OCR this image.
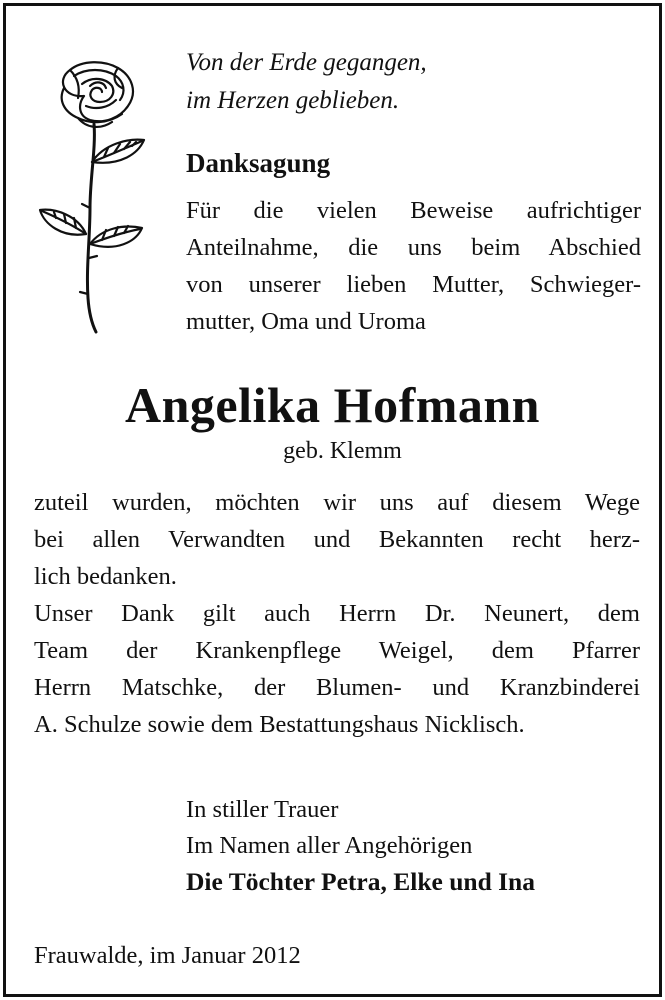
Von der Erde gegangen,
im Herzen geblieben.
Danksagung
Für die vielen Beweise aufrichtiger
Anteilnahme, die uns beim Abschied
von unserer lieben Mutter, Schwieger-
mutter, Oma und Uroma
Angelika Hofmann
geb. Klemm
zuteil wurden, möchten wir uns auf diesem Wege
bei allen Verwandten und Bekannten recht herz-
lich bedanken.
Unser Dank gilt auch Herrn Dr. Neunert, dem
Team der Krankenpflege Weigel, dem Pfarrer
Herrn Matschke, der Blumen- und Kranzbinderei
A. Schulze sowie dem Bestattungshaus Nicklisch.
In stiller Trauer
Im Namen aller Angehörigen
Die Töchter Petra, Elke und Ina
Frauwalde, im Januar 2012
